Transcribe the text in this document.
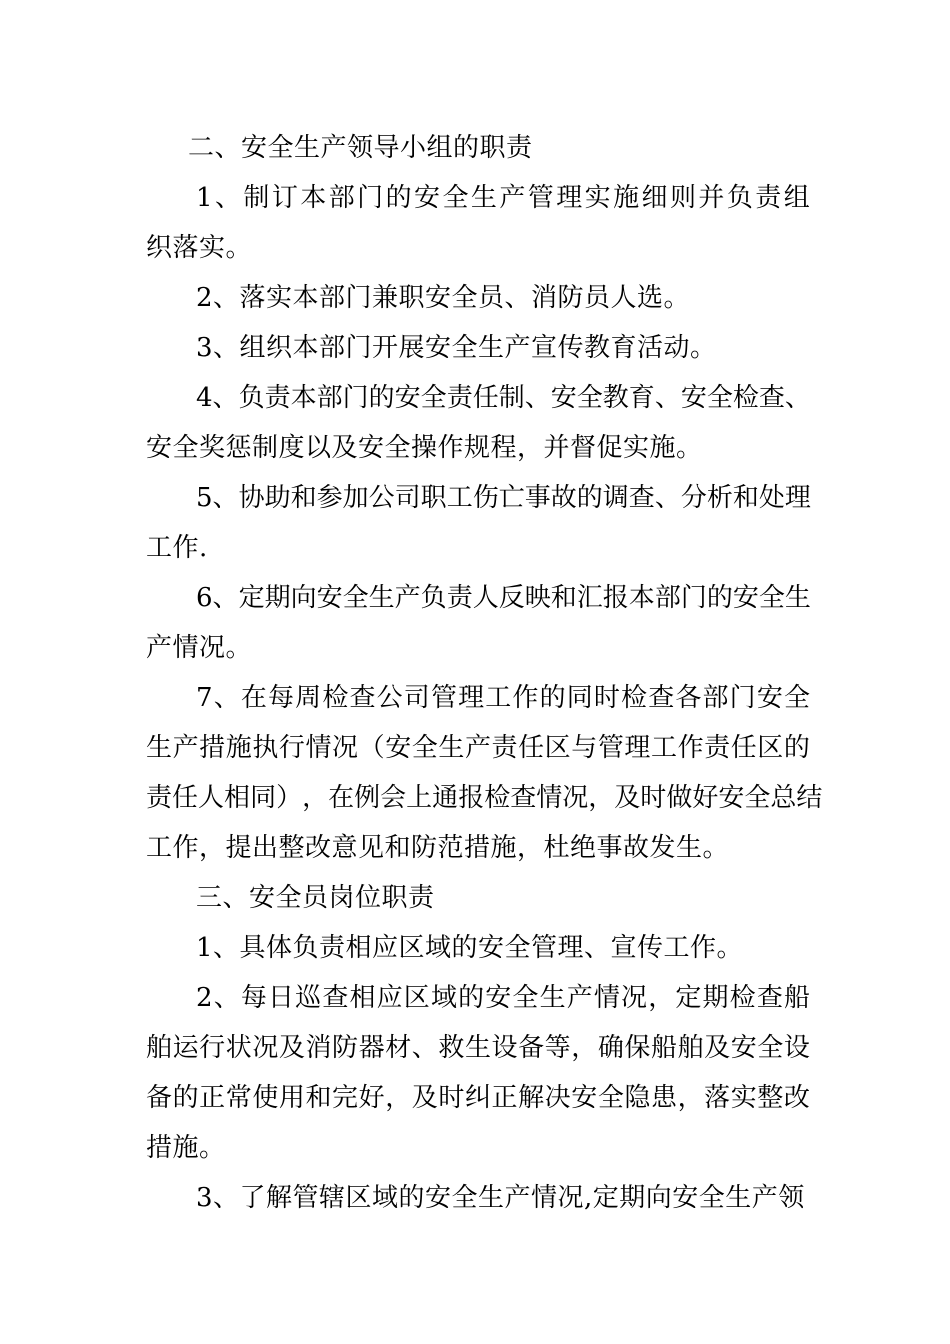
二、安全生产领导小组的职责
1 、 制 订 本 部 门 的 安 全 生 产 管 理 实 施 细 则 并 负 责 组
织落实。
2、落实本部门兼职安全员、消防员人选。
3、组织本部门开展安全生产宣传教育活动。
4 、 负 责 本 部 门 的 安 全 责 任 制 、 安 全 教 育 、 安 全 检 查 、
安全奖惩制度以及安全操作规程，并督促实施。
5 、 协 助 和 参 加 公 司 职 工 伤 亡 事 故 的 调 查 、 分 析 和 处 理
工作.
6 、 定 期 向 安 全 生 产 负 责 人 反 映 和 汇 报 本 部 门 的 安 全 生
产情况。
7 、 在 每 周 检 查 公 司 管 理 工 作 的 同 时 检 查 各 部 门 安 全
生 产 措 施 执 行 情 况 （ 安 全 生 产 责 任 区 与 管 理 工 作 责 任 区 的
责 任 人 相 同 ） ， 在 例 会 上 通 报 检 查 情 况 ， 及 时 做 好 安 全 总 结
工作，提出整改意见和防范措施，杜绝事故发生。
三、安全员岗位职责
1、具体负责相应区域的安全管理、宣传工作。
2 、 每 日 巡 查 相 应 区 域 的 安 全 生 产 情 况 ， 定 期 检 查 船
舶 运 行 状 况 及 消 防 器 材 、 救 生 设 备 等 ， 确 保 船 舶 及 安 全 设
备 的 正 常 使 用 和 完 好 ， 及 时 纠 正 解 决 安 全 隐 患 ， 落 实 整 改
措施。
3、了解管辖区域的安全生产情况,定期向安全生产领
